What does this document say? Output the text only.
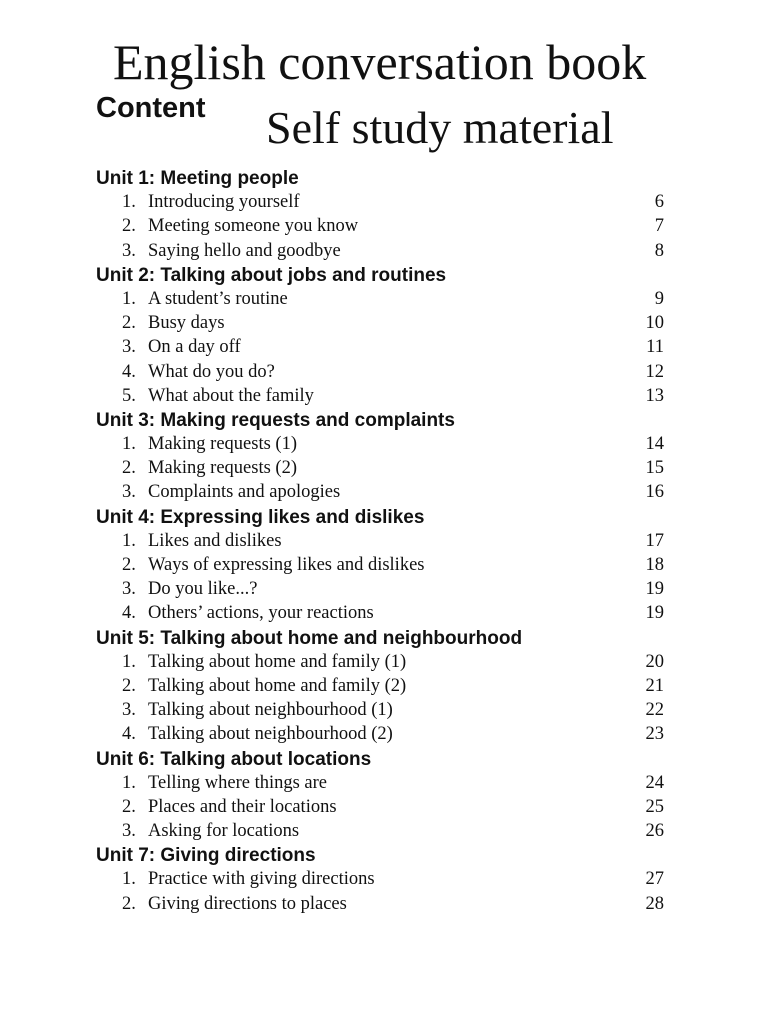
English conversation book
Content	Self study material
Unit 1: Meeting people
1. Introducing yourself	6
2. Meeting someone you know	7
3. Saying hello and goodbye	8
Unit 2: Talking about jobs and routines
1. A student’s routine	9
2. Busy days	10
3. On a day off	11
4. What do you do?	12
5. What about the family	13
Unit 3: Making requests and complaints
1. Making requests (1)	14
2. Making requests (2)	15
3. Complaints and apologies	16
Unit 4: Expressing likes and dislikes
1. Likes and dislikes	17
2. Ways of expressing likes and dislikes	18
3. Do you like...?	19
4. Others’ actions, your reactions	19
Unit 5: Talking about home and neighbourhood
1. Talking about home and family (1)	20
2. Talking about home and family (2)	21
3. Talking about neighbourhood (1)	22
4. Talking about neighbourhood (2)	23
Unit 6: Talking about locations
1. Telling where things are	24
2. Places and their locations	25
3. Asking for locations	26
Unit 7: Giving directions
1. Practice with giving directions	27
2. Giving directions to places	28
